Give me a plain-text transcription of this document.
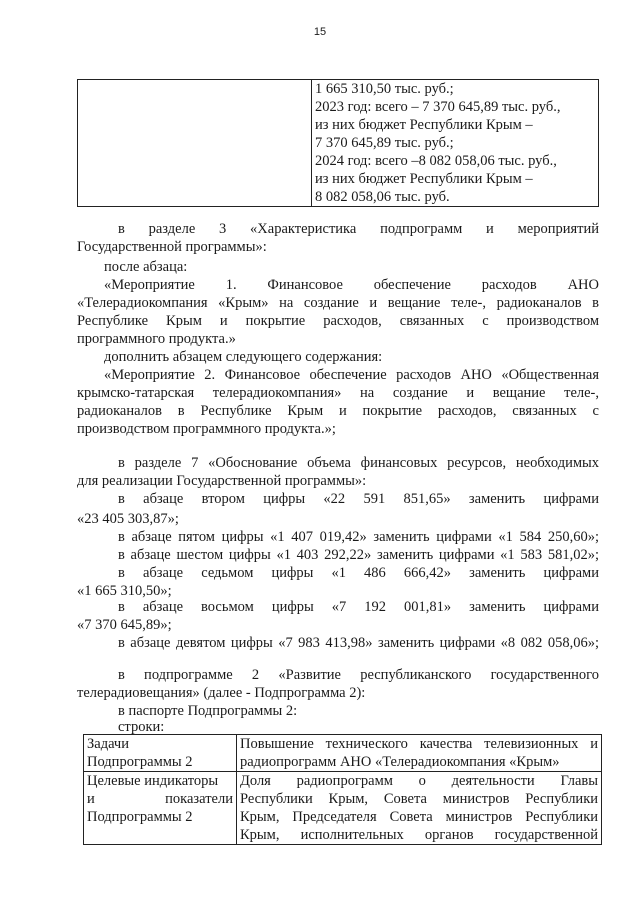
15

1 665 310,50 тыс. руб.;
2023 год: всего – 7 370 645,89 тыс. руб.,
из них бюджет Республики Крым –
7 370 645,89 тыс. руб.;
2024 год: всего –8 082 058,06 тыс. руб.,
из них бюджет Республики Крым –
8 082 058,06 тыс. руб.
в разделе 3 «Характеристика подпрограмм и мероприятий
Государственной программы»:
после абзаца:
«Мероприятие 1. Финансовое обеспечение расходов АНО
«Телерадиокомпания «Крым» на создание и вещание теле-, радиоканалов в
Республике Крым и покрытие расходов, связанных с производством
программного продукта.»
дополнить абзацем следующего содержания:
«Мероприятие 2. Финансовое обеспечение расходов АНО «Общественная
крымско-татарская телерадиокомпания» на создание и вещание теле-,
радиоканалов в Республике Крым и покрытие расходов, связанных с
производством программного продукта.»;
в разделе 7 «Обоснование объема финансовых ресурсов, необходимых
для реализации Государственной программы»:
в абзаце втором цифры «22 591 851,65» заменить цифрами
«23 405 303,87»;
в абзаце пятом цифры «1 407 019,42» заменить цифрами «1 584 250,60»;
в абзаце шестом цифры «1 403 292,22» заменить цифрами «1 583 581,02»;
в абзаце седьмом цифры «1 486 666,42» заменить цифрами
«1 665 310,50»;
в абзаце восьмом цифры «7 192 001,81» заменить цифрами
«7 370 645,89»;
в абзаце девятом цифры «7 983 413,98» заменить цифрами «8 082 058,06»;
в подпрограмме 2 «Развитие республиканского государственного
телерадиовещания» (далее - Подпрограмма 2):
в паспорте Подпрограммы 2:
строки:
Задачи
Подпрограммы 2	Повышение технического качества телевизионных и
радиопрограмм АНО «Телерадиокомпания «Крым»

Целевые индикаторы
и показатели
Подпрограммы 2	Доля радиопрограмм о деятельности Главы
Республики Крым, Совета министров Республики
Крым, Председателя Совета министров Республики
Крым, исполнительных органов государственной
